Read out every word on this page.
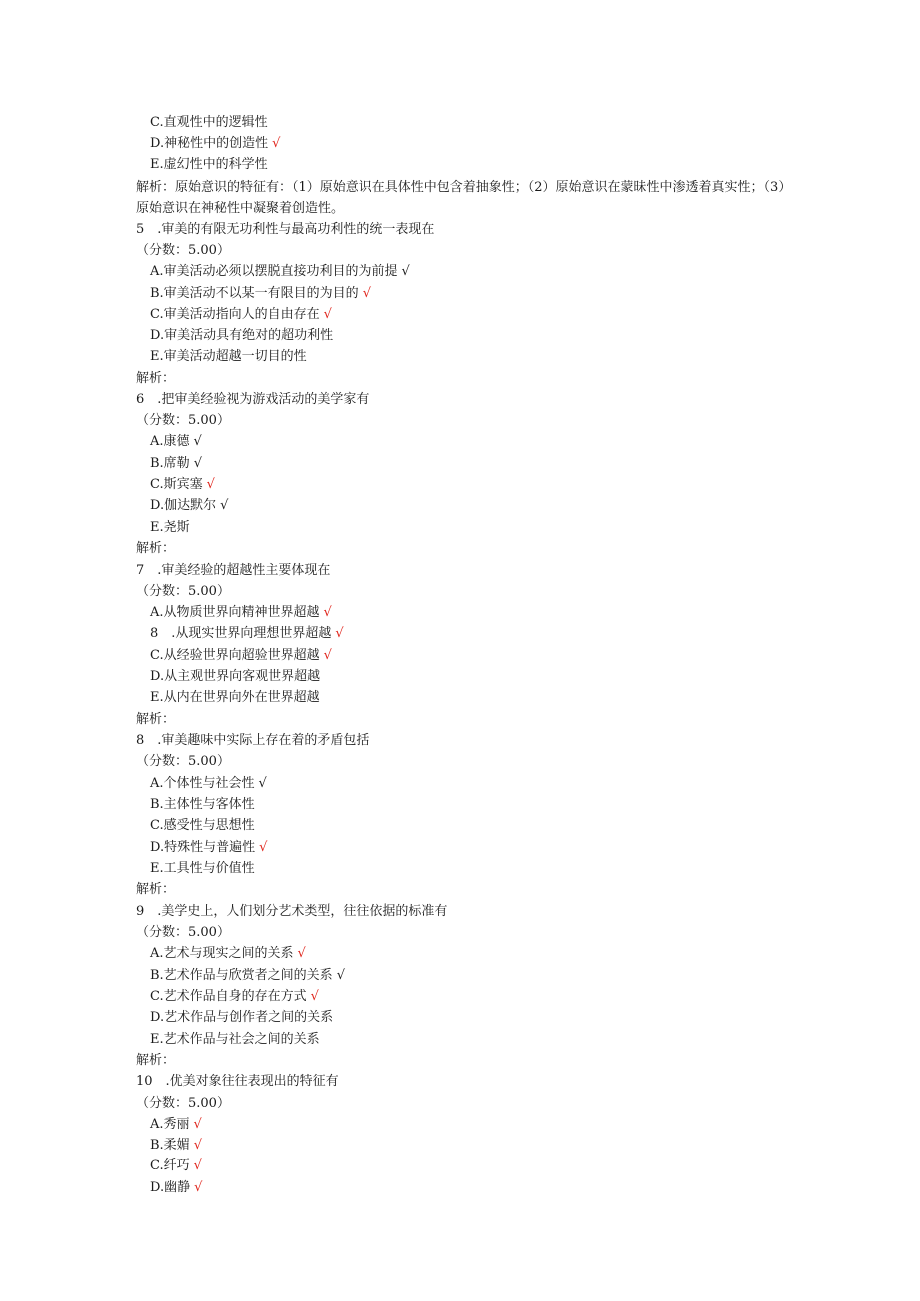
C.直观性中的逻辑性
D.神秘性中的创造性 √
E.虚幻性中的科学性
解析：原始意识的特征有：（1）原始意识在具体性中包含着抽象性；（2）原始意识在蒙昧性中渗透着真实性；（3）原始意识在神秘性中凝聚着创造性。
5　.审美的有限无功利性与最高功利性的统一表现在
（分数：5.00）
A.审美活动必须以摆脱直接功利目的为前提 √
B.审美活动不以某一有限目的为目的 √
C.审美活动指向人的自由存在 √
D.审美活动具有绝对的超功利性
E.审美活动超越一切目的性
解析：
6　.把审美经验视为游戏活动的美学家有
（分数：5.00）
A.康德 √
B.席勒 √
C.斯宾塞 √
D.伽达默尔 √
E.尧斯
解析：
7　.审美经验的超越性主要体现在
（分数：5.00）
A.从物质世界向精神世界超越 √
8　.从现实世界向理想世界超越 √
C.从经验世界向超验世界超越 √
D.从主观世界向客观世界超越
E.从内在世界向外在世界超越
解析：
8　.审美趣味中实际上存在着的矛盾包括
（分数：5.00）
A.个体性与社会性 √
B.主体性与客体性
C.感受性与思想性
D.特殊性与普遍性 √
E.工具性与价值性
解析：
9　.美学史上，人们划分艺术类型，往往依据的标准有
（分数：5.00）
A.艺术与现实之间的关系 √
B.艺术作品与欣赏者之间的关系 √
C.艺术作品自身的存在方式 √
D.艺术作品与创作者之间的关系
E.艺术作品与社会之间的关系
解析：
10　.优美对象往往表现出的特征有
（分数：5.00）
A.秀丽 √
B.柔媚 √
C.纤巧 √
D.幽静 √
